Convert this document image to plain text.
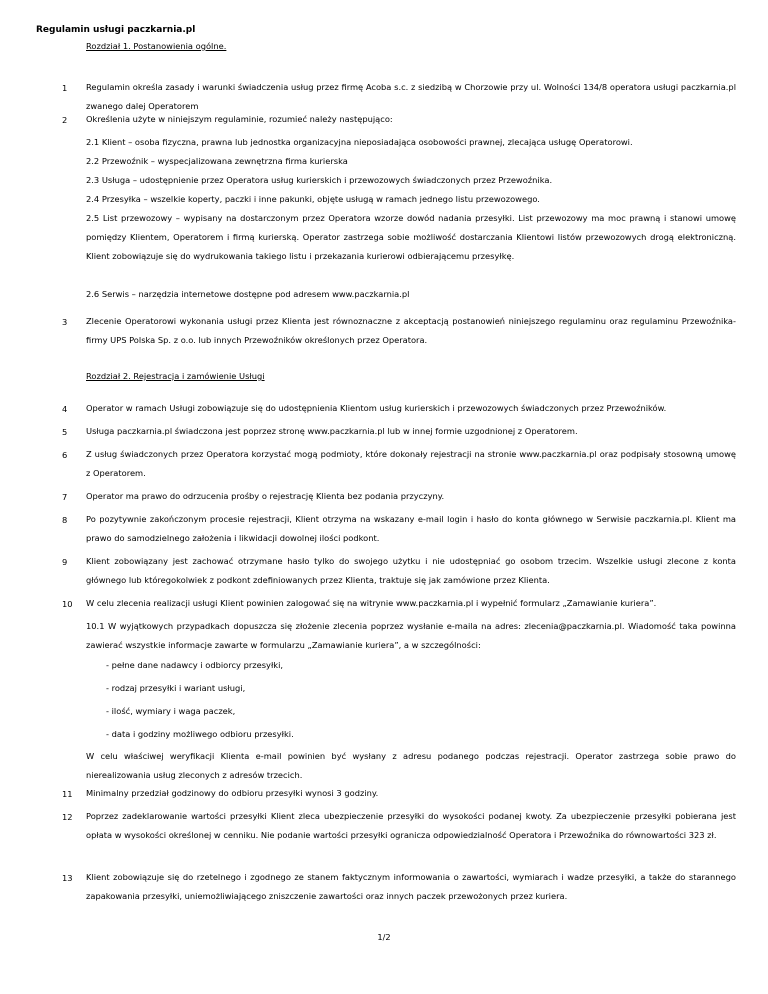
Regulamin usługi paczkarnia.pl
Rozdział 1. Postanowienia ogólne.
1 Regulamin określa zasady i warunki świadczenia usług przez firmę Acoba s.c. z siedzibą w Chorzowie przy ul. Wolności 134/8 operatora usługi paczkarnia.pl zwanego dalej Operatorem
2 Określenia użyte w niniejszym regulaminie, rozumieć należy następująco:
2.1 Klient – osoba fizyczna, prawna lub jednostka organizacyjna nieposiadająca osobowości prawnej, zlecająca usługę Operatorowi.
2.2 Przewoźnik – wyspecjalizowana zewnętrzna firma kurierska
2.3 Usługa – udostępnienie przez Operatora usług kurierskich i przewozowych świadczonych przez Przewoźnika.
2.4 Przesyłka – wszelkie koperty, paczki i inne pakunki, objęte usługą w ramach jednego listu przewozowego.
2.5 List przewozowy – wypisany na dostarczonym przez Operatora wzorze dowód nadania przesyłki. List przewozowy ma moc prawną i stanowi umowę pomiędzy Klientem, Operatorem i firmą kurierską. Operator zastrzega sobie możliwość dostarczania Klientowi listów przewozowych drogą elektroniczną. Klient zobowiązuje się do wydrukowania takiego listu i przekazania kurierowi odbierającemu przesyłkę.
2.6 Serwis – narzędzia internetowe dostępne pod adresem www.paczkarnia.pl
3 Zlecenie Operatorowi wykonania usługi przez Klienta jest równoznaczne z akceptacją postanowień niniejszego regulaminu oraz regulaminu Przewoźnika- firmy UPS Polska Sp. z o.o. lub innych Przewoźników określonych przez Operatora.
Rozdział 2. Rejestracja i zamówienie Usługi
4 Operator w ramach Usługi zobowiązuje się do udostępnienia Klientom usług kurierskich i przewozowych świadczonych przez Przewoźników.
5 Usługa paczkarnia.pl świadczona jest poprzez stronę www.paczkarnia.pl lub w innej formie uzgodnionej z Operatorem.
6 Z usług świadczonych przez Operatora korzystać mogą podmioty, które dokonały rejestracji na stronie www.paczkarnia.pl oraz podpisały stosowną umowę z Operatorem.
7 Operator ma prawo do odrzucenia prośby o rejestrację Klienta bez podania przyczyny.
8 Po pozytywnie zakończonym procesie rejestracji, Klient otrzyma na wskazany e-mail login i hasło do konta głównego w Serwisie paczkarnia.pl. Klient ma prawo do samodzielnego założenia i likwidacji dowolnej ilości podkont.
9 Klient zobowiązany jest zachować otrzymane hasło tylko do swojego użytku i nie udostępniać go osobom trzecim. Wszelkie usługi zlecone z konta głównego lub któregokolwiek z podkont zdefiniowanych przez Klienta, traktuje się jak zamówione przez Klienta.
10 W celu zlecenia realizacji usługi Klient powinien zalogować się na witrynie www.paczkarnia.pl i wypełnić formularz „Zamawianie kuriera”.
10.1 W wyjątkowych przypadkach dopuszcza się złożenie zlecenia poprzez wysłanie e-maila na adres: zlecenia@paczkarnia.pl. Wiadomość taka powinna zawierać wszystkie informacje zawarte w formularzu „Zamawianie kuriera”, a w szczególności:
- pełne dane nadawcy i odbiorcy przesyłki,
- rodzaj przesyłki i wariant usługi,
- ilość, wymiary i waga paczek,
- data i godziny możliwego odbioru przesyłki.
W celu właściwej weryfikacji Klienta e-mail powinien być wysłany z adresu podanego podczas rejestracji. Operator zastrzega sobie prawo do nierealizowania usług zleconych z adresów trzecich.
11 Minimalny przedział godzinowy do odbioru przesyłki wynosi 3 godziny.
12 Poprzez zadeklarowanie wartości przesyłki Klient zleca ubezpieczenie przesyłki do wysokości podanej kwoty. Za ubezpieczenie przesyłki pobierana jest opłata w wysokości określonej w cenniku. Nie podanie wartości przesyłki ogranicza odpowiedzialność Operatora i Przewoźnika do równowartości 323 zł.
13 Klient zobowiązuje się do rzetelnego i zgodnego ze stanem faktycznym informowania o zawartości, wymiarach i wadze przesyłki, a także do starannego zapakowania przesyłki, uniemożliwiającego zniszczenie zawartości oraz innych paczek przewożonych przez kuriera.
1/2
